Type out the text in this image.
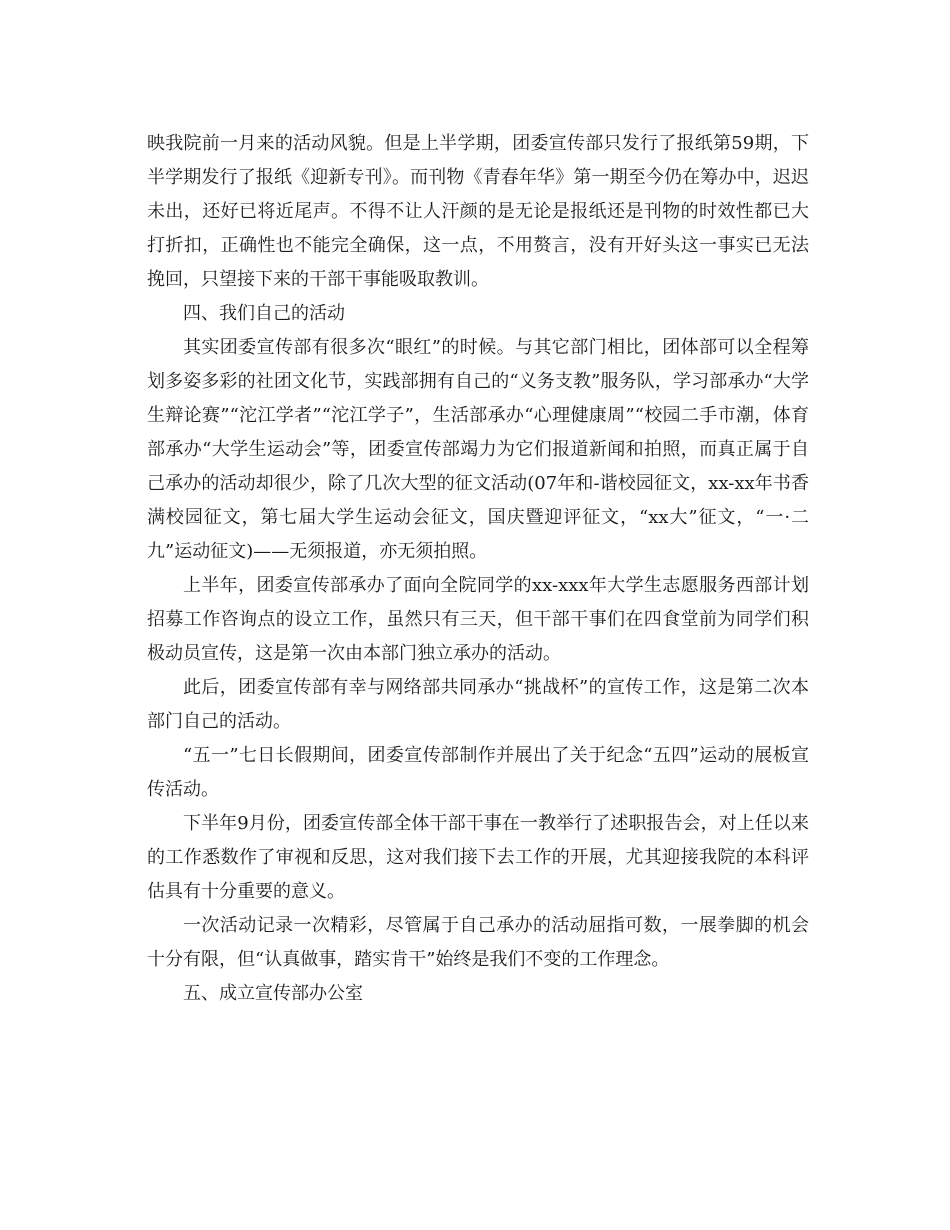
映我院前一月来的活动风貌。但是上半学期，团委宣传部只发行了报纸第59期，下半学期发行了报纸《迎新专刊》。而刊物《青春年华》第一期至今仍在筹办中，迟迟未出，还好已将近尾声。不得不让人汗颜的是无论是报纸还是刊物的时效性都已大打折扣，正确性也不能完全确保，这一点，不用赘言，没有开好头这一事实已无法挽回，只望接下来的干部干事能吸取教训。

四、我们自己的活动

其实团委宣传部有很多次“眼红”的时候。与其它部门相比，团体部可以全程筹划多姿多彩的社团文化节，实践部拥有自己的“义务支教”服务队，学习部承办“大学生辩论赛”“沱江学者”“沱江学子”，生活部承办“心理健康周”“校园二手市潮，体育部承办“大学生运动会”等，团委宣传部竭力为它们报道新闻和拍照，而真正属于自己承办的活动却很少，除了几次大型的征文活动(07年和-谐校园征文，xx-xx年书香满校园征文，第七届大学生运动会征文，国庆暨迎评征文，“xx大”征文，“一·二九”运动征文)——无须报道，亦无须拍照。

上半年，团委宣传部承办了面向全院同学的xx-xxx年大学生志愿服务西部计划招募工作咨询点的设立工作，虽然只有三天，但干部干事们在四食堂前为同学们积极动员宣传，这是第一次由本部门独立承办的活动。

此后，团委宣传部有幸与网络部共同承办“挑战杯”的宣传工作，这是第二次本部门自己的活动。

“五一”七日长假期间，团委宣传部制作并展出了关于纪念“五四”运动的展板宣传活动。

下半年9月份，团委宣传部全体干部干事在一教举行了述职报告会，对上任以来的工作悉数作了审视和反思，这对我们接下去工作的开展，尤其迎接我院的本科评估具有十分重要的意义。

一次活动记录一次精彩，尽管属于自己承办的活动屈指可数，一展拳脚的机会十分有限，但“认真做事，踏实肯干”始终是我们不变的工作理念。

五、成立宣传部办公室
